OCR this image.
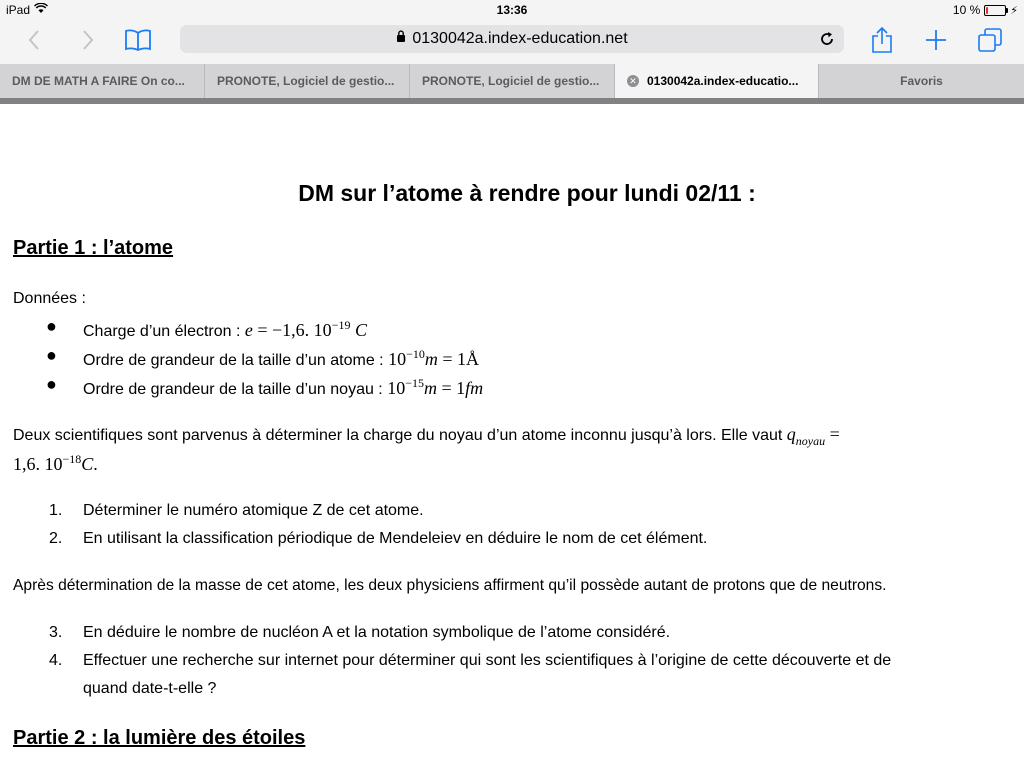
iPad	13:36	10 %	⚡
0130042a.index-education.net
DM DE MATH A FAIRE On co...	PRONOTE, Logiciel de gestio... PRONOTE, Logiciel de gestio...	✕ 0130042a.index-educatio...	Favoris
DM sur l’atome à rendre pour lundi 02/11 :
Partie 1 : l’atome
Données :
● Charge d’un électron : e = −1,6. $10^{-19}$ C
● Ordre de grandeur de la taille d’un atome : $10^{-10}m$ = 1Å
● Ordre de grandeur de la taille d’un noyau : $10^{-15}m = 1fm$
Deux scientifiques sont parvenus à déterminer la charge du noyau d’un atome inconnu jusqu’à lors. Elle vaut $q_{noyau}$ =
1,6. $10^{-18}C$.
1. Déterminer le numéro atomique Z de cet atome.
2. En utilisant la classification périodique de Mendeleiev en déduire le nom de cet élément.
Après détermination de la masse de cet atome, les deux physiciens affirment qu’il possède autant de protons que de neutrons.
3. En déduire le nombre de nucléon A et la notation symbolique de l’atome considéré.
4. Effectuer une recherche sur internet pour déterminer qui sont les scientifiques à l’origine de cette découverte et de
quand date-t-elle ?
Partie 2 : la lumière des étoiles
